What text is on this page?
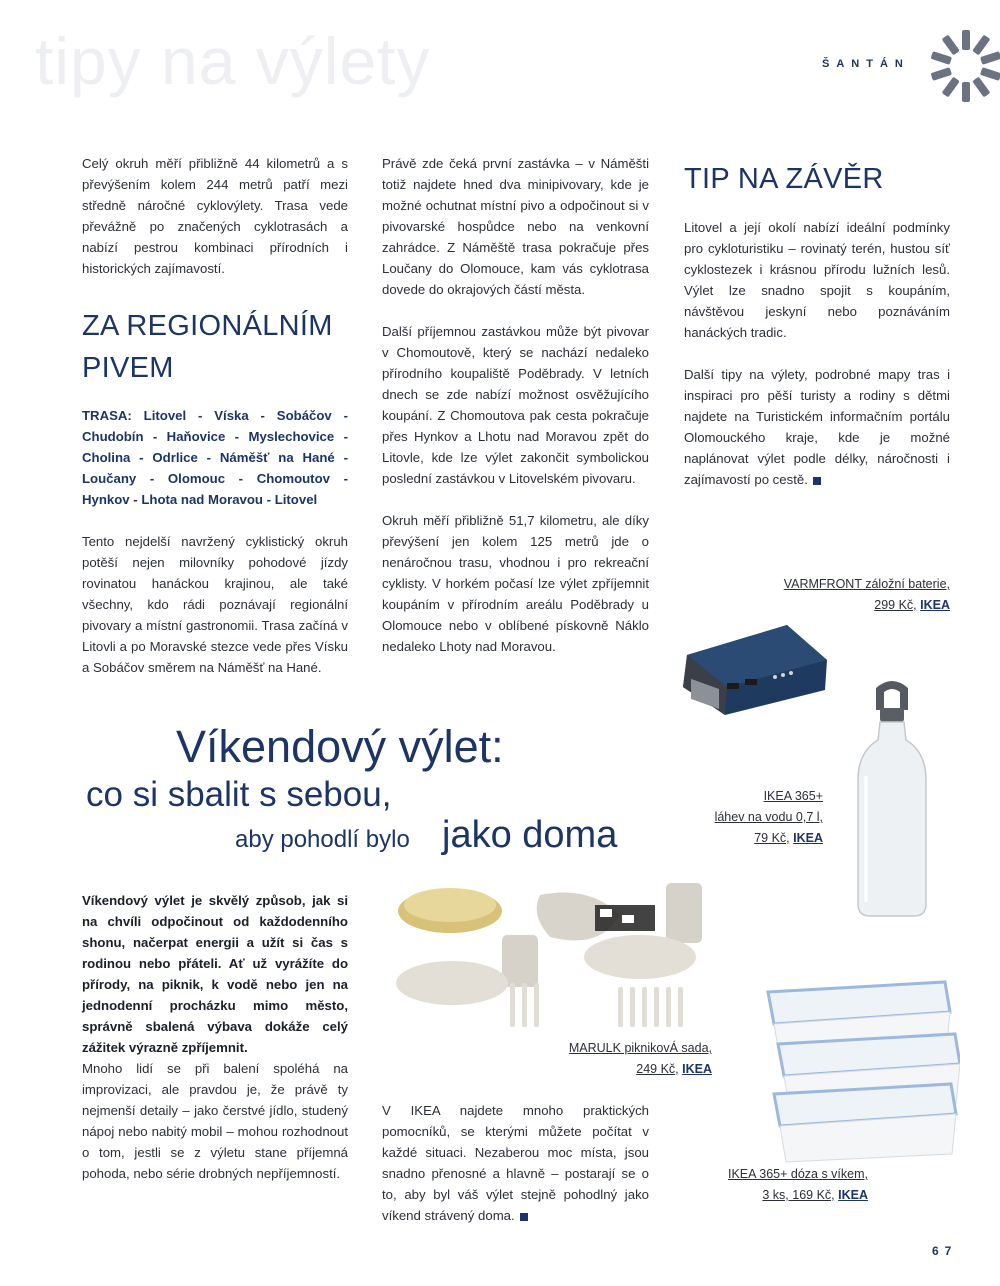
tipy na výlety	ŠANTÁN

Celý okruh měří přibližně 44 kilometrů a s převýšením kolem 244 metrů patří mezi středně náročné cyklovýlety. Trasa vede převážně po značených cyklotrasách a nabízí pestrou kombinaci přírodních i historických zajímavostí.

ZA REGIONÁLNÍM
PIVEM
TRASA: Litovel - Víska - Sobáčov - Chudobín - Haňovice - Myslechovice - Cholina - Odrlice - Náměšť na Hané - Loučany - Olomouc - Chomoutov - Hynkov - Lhota nad Moravou - Litovel

Tento nejdelší navržený cyklistický okruh potěší nejen milovníky pohodové jízdy rovinatou hanáckou krajinou, ale také všechny, kdo rádi poznávají regionální pivovary a místní gastronomii. Trasa začíná v Litovli a po Moravské stezce vede přes Vísku a Sobáčov směrem na Náměšť na Hané.

Právě zde čeká první zastávka – v Náměšti totiž najdete hned dva minipivovary, kde je možné ochutnat místní pivo a odpočinout si v pivovarské hospůdce nebo na venkovní zahrádce. Z Náměště trasa pokračuje přes Loučany do Olomouce, kam vás cyklotrasa dovede do okrajových částí města.

Další příjemnou zastávkou může být pivovar v Chomoutově, který se nachází nedaleko přírodního koupaliště Poděbrady. V letních dnech se zde nabízí možnost osvěžujícího koupání. Z Chomoutova pak cesta pokračuje přes Hynkov a Lhotu nad Moravou zpět do Litovle, kde lze výlet zakončit symbolickou poslední zastávkou v Litovelském pivovaru.

Okruh měří přibližně 51,7 kilometru, ale díky převýšení jen kolem 125 metrů jde o nenáročnou trasu, vhodnou i pro rekreační cyklisty. V horkém počasí lze výlet zpříjemnit koupáním v přírodním areálu Poděbrady u Olomouce nebo v oblíbené pískovně Náklo nedaleko Lhoty nad Moravou.

TIP NA ZÁVĚR

Litovel a její okolí nabízí ideální podmínky pro cykloturistiku – rovinatý terén, hustou síť cyklostezek i krásnou přírodu lužních lesů. Výlet lze snadno spojit s koupáním, návštěvou jeskyní nebo poznáváním hanáckých tradic.

Další tipy na výlety, podrobné mapy tras i inspiraci pro pěší turisty a rodiny s dětmi najdete na Turistickém informačním portálu Olomouckého kraje, kde je možné naplánovat výlet podle délky, náročnosti i zajímavostí po cestě.

VARMFRONT záložní baterie,
299 Kč, IKEA
IKEA 365+
láhev na vodu 0,7 l,
79 Kč, IKEA
Víkendový výlet:
co si sbalit s sebou,
aby pohodlí bylo jako doma
Víkendový výlet je skvělý způsob, jak si na chvíli odpočinout od každodenního shonu, načerpat energii a užít si čas s rodinou nebo přáteli. Ať už vyrážíte do přírody, na piknik, k vodě nebo jen na jednodenní procházku mimo město, správně sbalená výbava dokáže celý zážitek výrazně zpříjemnit.

Mnoho lidí se při balení spoléhá na improvizaci, ale pravdou je, že právě ty nejmenší detaily – jako čerstvé jídlo, studený nápoj nebo nabitý mobil – mohou rozhodnout o tom, jestli se z výletu stane příjemná pohoda, nebo série drobných nepříjemností.

MARULK piknikovÁ sada,
249 Kč, IKEA

V IKEA najdete mnoho praktických pomocníků, se kterými můžete počítat v každé situaci. Nezaberou moc místa, jsou snadno přenosné a hlavně – postarají se o to, aby byl váš výlet stejně pohodlný jako víkend strávený doma.

IKEA 365+ dóza s víkem,
3 ks, 169 Kč, IKEA
67
